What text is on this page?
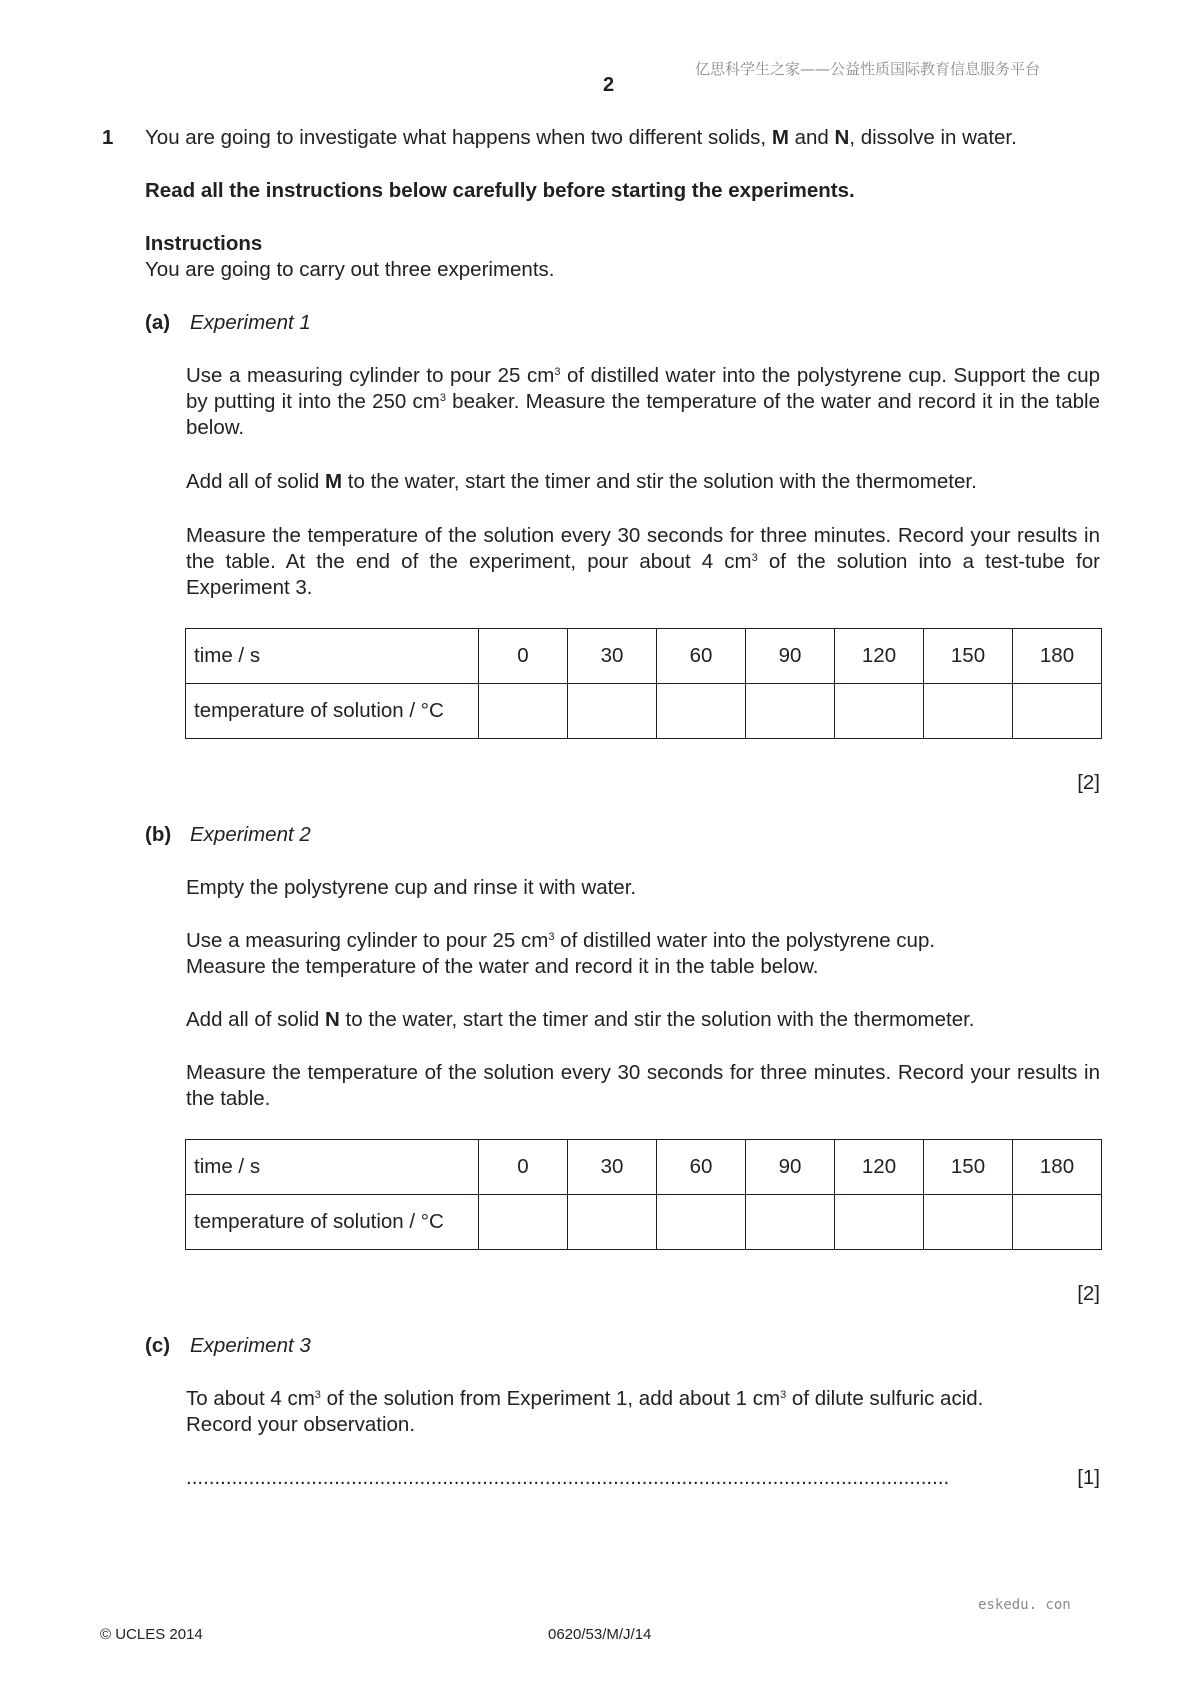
亿思科学生之家——公益性质国际教育信息服务平台
2
1 You are going to investigate what happens when two different solids, M and N, dissolve in water.
Read all the instructions below carefully before starting the experiments.
Instructions
You are going to carry out three experiments.
(a) Experiment 1

Use a measuring cylinder to pour 25 $cm^3$ of distilled water into the polystyrene cup. Support the cup by putting it into the 250 $cm^3$ beaker. Measure the temperature of the water and record it in the table below.

Add all of solid M to the water, start the timer and stir the solution with the thermometer.

Measure the temperature of the solution every 30 seconds for three minutes. Record your results in the table. At the end of the experiment, pour about 4 $cm^3$ of the solution into a test-tube for Experiment 3.

time / s	0	30	60	90	120	150	180
temperature of solution / °C							
[2]
(b) Experiment 2
Empty the polystyrene cup and rinse it with water.

Use a measuring cylinder to pour 25 $cm^3$ of distilled water into the polystyrene cup.

Measure the temperature of the water and record it in the table below.

Add all of solid N to the water, start the timer and stir the solution with the thermometer.

Measure the temperature of the solution every 30 seconds for three minutes. Record your results in the table.
time / s	0	30	60	90	120	150	180
temperature of solution / °C							
[2]
(c) Experiment 3

To about 4 $cm^3$ of the solution from Experiment 1, add about 1 $cm^3$ of dilute sulfuric acid.

Record your observation.

......................................................................................................................................	[1]
eskedu. con
© UCLES 2014	0620/53/M/J/14
